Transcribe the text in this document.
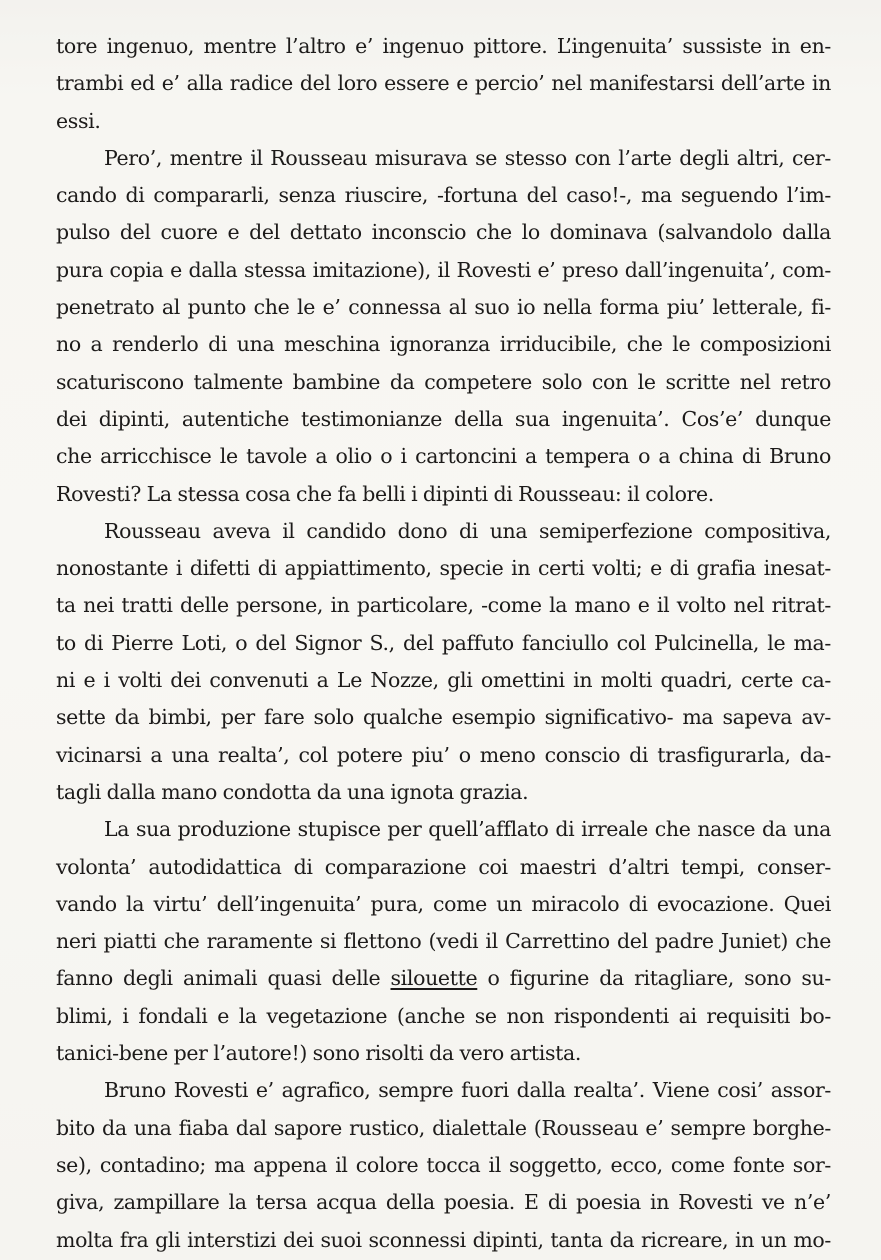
tore ingenuo, mentre l’altro e’ ingenuo pittore. L’ingenuita’ sussiste in en-
trambi ed e’ alla radice del loro essere e percio’ nel manifestarsi dell’arte in
essi.
Pero’, mentre il Rousseau misurava se stesso con l’arte degli altri, cer-
cando di compararli, senza riuscire, -fortuna del caso!-, ma seguendo l’im-
pulso del cuore e del dettato inconscio che lo dominava (salvandolo dalla
pura copia e dalla stessa imitazione), il Rovesti e’ preso dall’ingenuita’, com-
penetrato al punto che le e’ connessa al suo io nella forma piu’ letterale, fi-
no a renderlo di una meschina ignoranza irriducibile, che le composizioni
scaturiscono talmente bambine da competere solo con le scritte nel retro
dei dipinti, autentiche testimonianze della sua ingenuita’. Cos’e’ dunque
che arricchisce le tavole a olio o i cartoncini a tempera o a china di Bruno
Rovesti? La stessa cosa che fa belli i dipinti di Rousseau: il colore.
Rousseau aveva il candido dono di una semiperfezione compositiva,
nonostante i difetti di appiattimento, specie in certi volti; e di grafia inesat-
ta nei tratti delle persone, in particolare, -come la mano e il volto nel ritrat-
to di Pierre Loti, o del Signor S., del paffuto fanciullo col Pulcinella, le ma-
ni e i volti dei convenuti a Le Nozze, gli omettini in molti quadri, certe ca-
sette da bimbi, per fare solo qualche esempio significativo- ma sapeva av-
vicinarsi a una realta’, col potere piu’ o meno conscio di trasfigurarla, da-
tagli dalla mano condotta da una ignota grazia.
La sua produzione stupisce per quell’afflato di irreale che nasce da una
volonta’ autodidattica di comparazione coi maestri d’altri tempi, conser-
vando la virtu’ dell’ingenuita’ pura, come un miracolo di evocazione. Quei
neri piatti che raramente si flettono (vedi il Carrettino del padre Juniet) che
fanno degli animali quasi delle silouette o figurine da ritagliare, sono su-
blimi, i fondali e la vegetazione (anche se non rispondenti ai requisiti bo-
tanici-bene per l’autore!) sono risolti da vero artista.
Bruno Rovesti e’ agrafico, sempre fuori dalla realta’. Viene cosi’ assor-
bito da una fiaba dal sapore rustico, dialettale (Rousseau e’ sempre borghe-
se), contadino; ma appena il colore tocca il soggetto, ecco, come fonte sor-
giva, zampillare la tersa acqua della poesia. E di poesia in Rovesti ve n’e’
molta fra gli interstizi dei suoi sconnessi dipinti, tanta da ricreare, in un mo-
